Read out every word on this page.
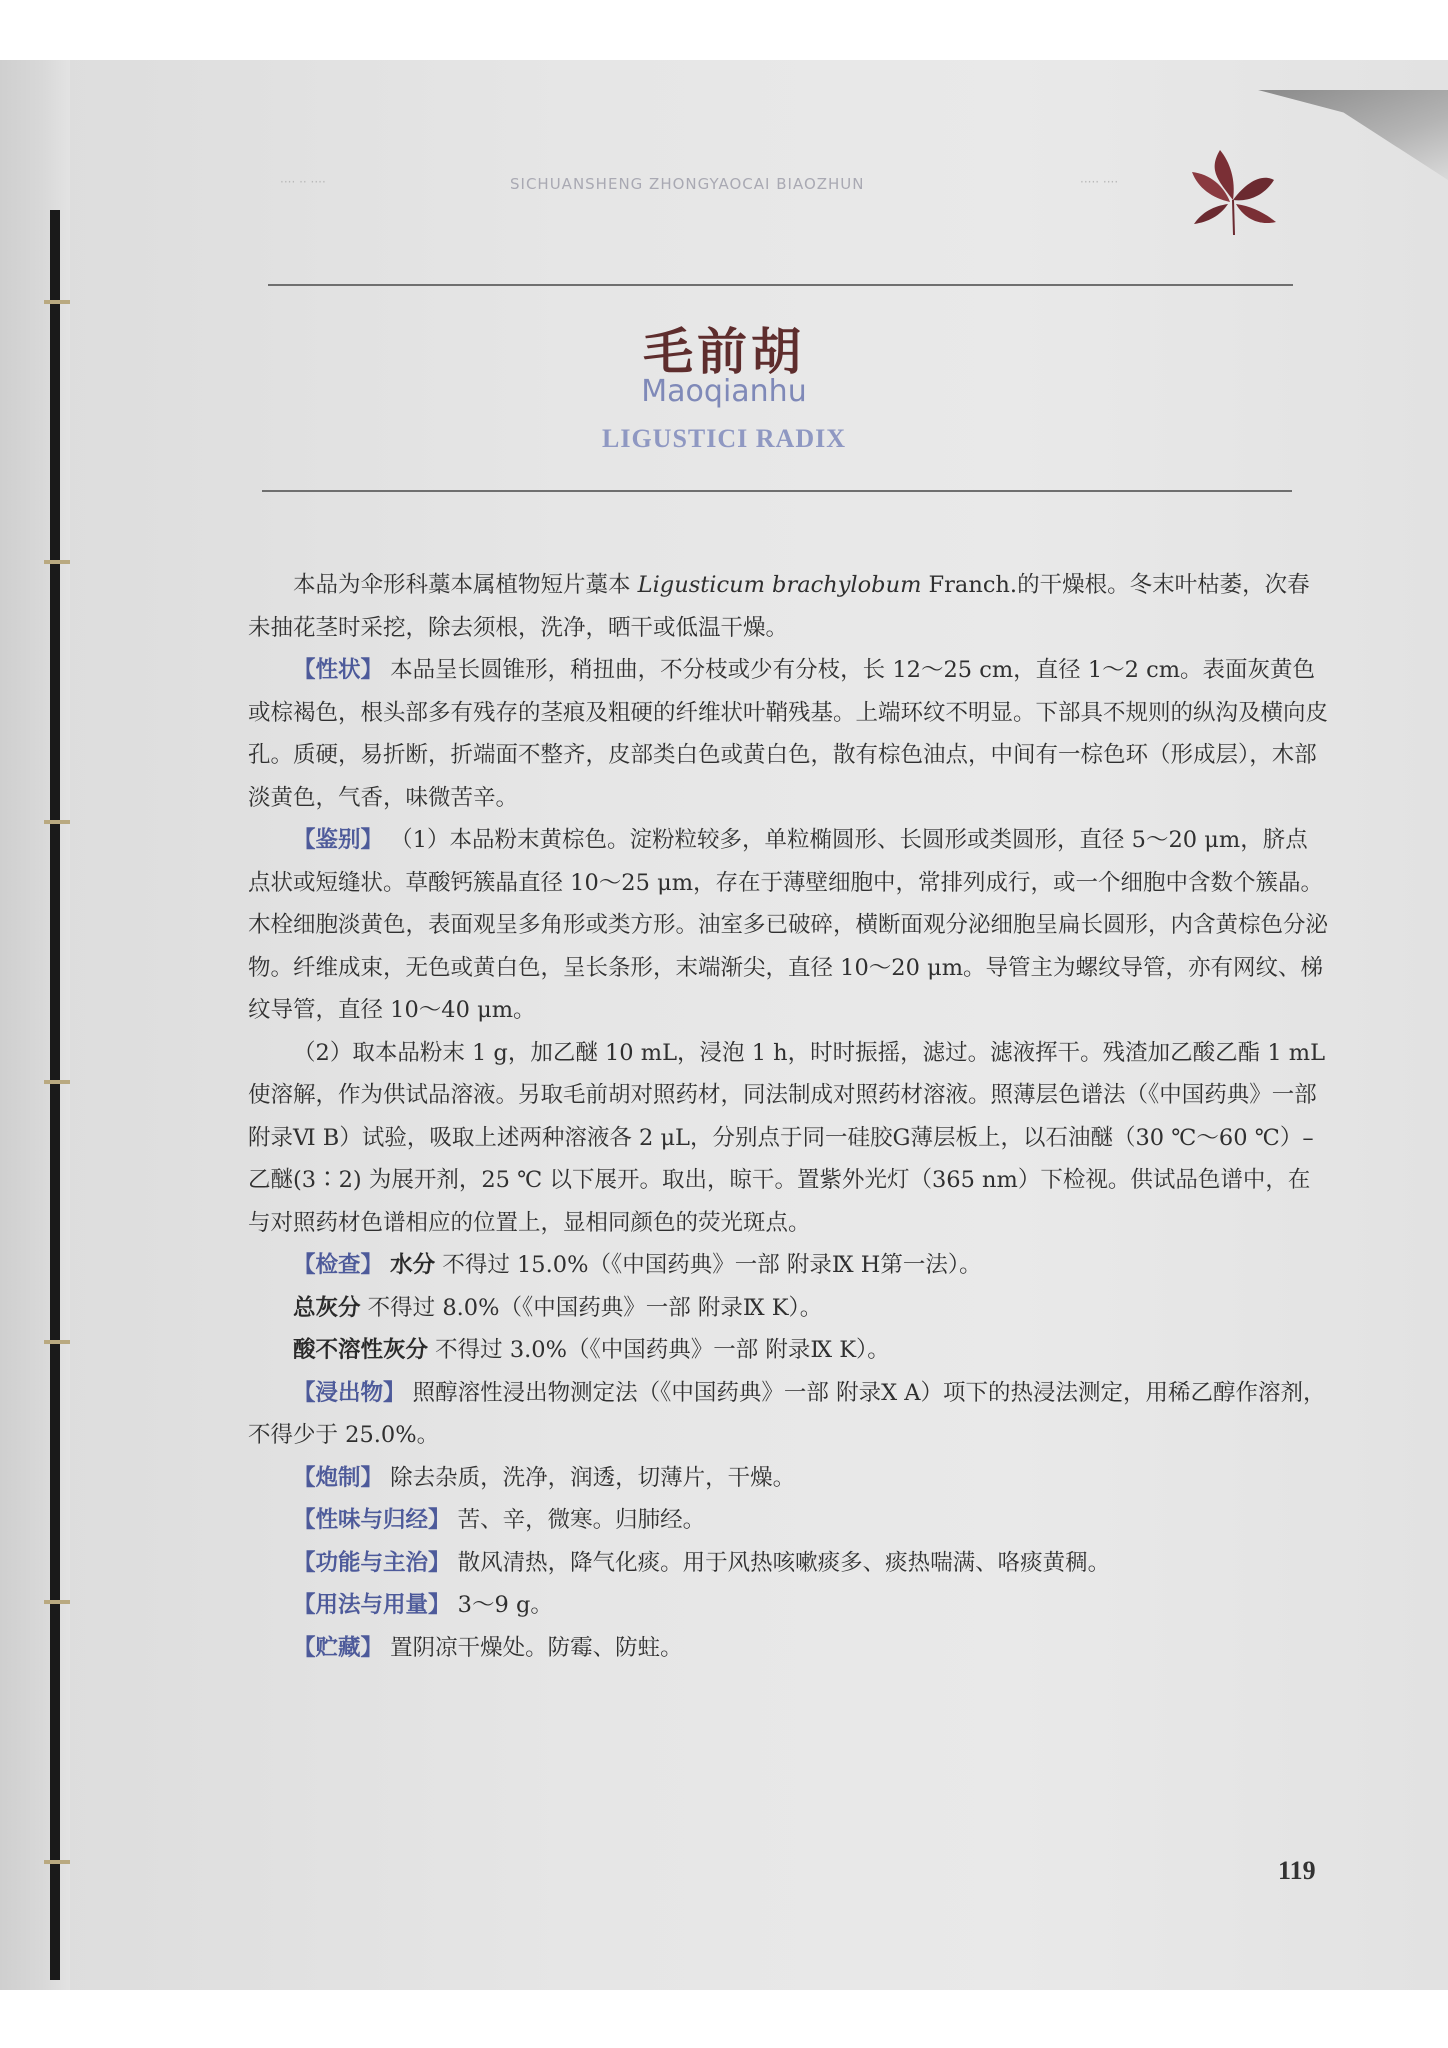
···· ·· ····	SICHUANSHENG ZHONGYAOCAI BIAOZHUN	····· ····
毛前胡
Maoqianhu
LIGUSTICI RADIX

本品为伞形科藁本属植物短片藁本 Ligusticum brachylobum Franch.的干燥根。冬末叶枯萎，次春未抽花茎时采挖，除去须根，洗净，晒干或低温干燥。

【性状】 本品呈长圆锥形，稍扭曲，不分枝或少有分枝，长 12～25 cm，直径 1～2 cm。表面灰黄色或棕褐色，根头部多有残存的茎痕及粗硬的纤维状叶鞘残基。上端环纹不明显。下部具不规则的纵沟及横向皮孔。质硬，易折断，折端面不整齐，皮部类白色或黄白色，散有棕色油点，中间有一棕色环（形成层），木部淡黄色，气香，味微苦辛。

【鉴别】 （1）本品粉末黄棕色。淀粉粒较多，单粒椭圆形、长圆形或类圆形，直径 5～20 μm，脐点点状或短缝状。草酸钙簇晶直径 10～25 μm，存在于薄壁细胞中，常排列成行，或一个细胞中含数个簇晶。木栓细胞淡黄色，表面观呈多角形或类方形。油室多已破碎，横断面观分泌细胞呈扁长圆形，内含黄棕色分泌物。纤维成束，无色或黄白色，呈长条形，末端渐尖，直径 10～20 μm。导管主为螺纹导管，亦有网纹、梯纹导管，直径 10～40 μm。

（2）取本品粉末 1 g，加乙醚 10 mL，浸泡 1 h，时时振摇，滤过。滤液挥干。残渣加乙酸乙酯 1 mL使溶解，作为供试品溶液。另取毛前胡对照药材，同法制成对照药材溶液。照薄层色谱法（《中国药典》一部 附录Ⅵ B）试验，吸取上述两种溶液各 2 μL，分别点于同一硅胶G薄层板上，以石油醚（30 ℃～60 ℃）–乙醚(3∶2) 为展开剂，25 ℃ 以下展开。取出，晾干。置紫外光灯（365 nm）下检视。供试品色谱中，在与对照药材色谱相应的位置上，显相同颜色的荧光斑点。

【检查】 水分 不得过 15.0%（《中国药典》一部 附录Ⅸ H第一法）。

总灰分 不得过 8.0%（《中国药典》一部 附录Ⅸ K）。

酸不溶性灰分 不得过 3.0%（《中国药典》一部 附录Ⅸ K）。

【浸出物】 照醇溶性浸出物测定法（《中国药典》一部 附录Ⅹ A）项下的热浸法测定，用稀乙醇作溶剂，不得少于 25.0%。

【炮制】 除去杂质，洗净，润透，切薄片，干燥。

【性味与归经】 苦、辛，微寒。归肺经。

【功能与主治】 散风清热，降气化痰。用于风热咳嗽痰多、痰热喘满、咯痰黄稠。

【用法与用量】 3～9 g。

【贮藏】 置阴凉干燥处。防霉、防蛀。

119
